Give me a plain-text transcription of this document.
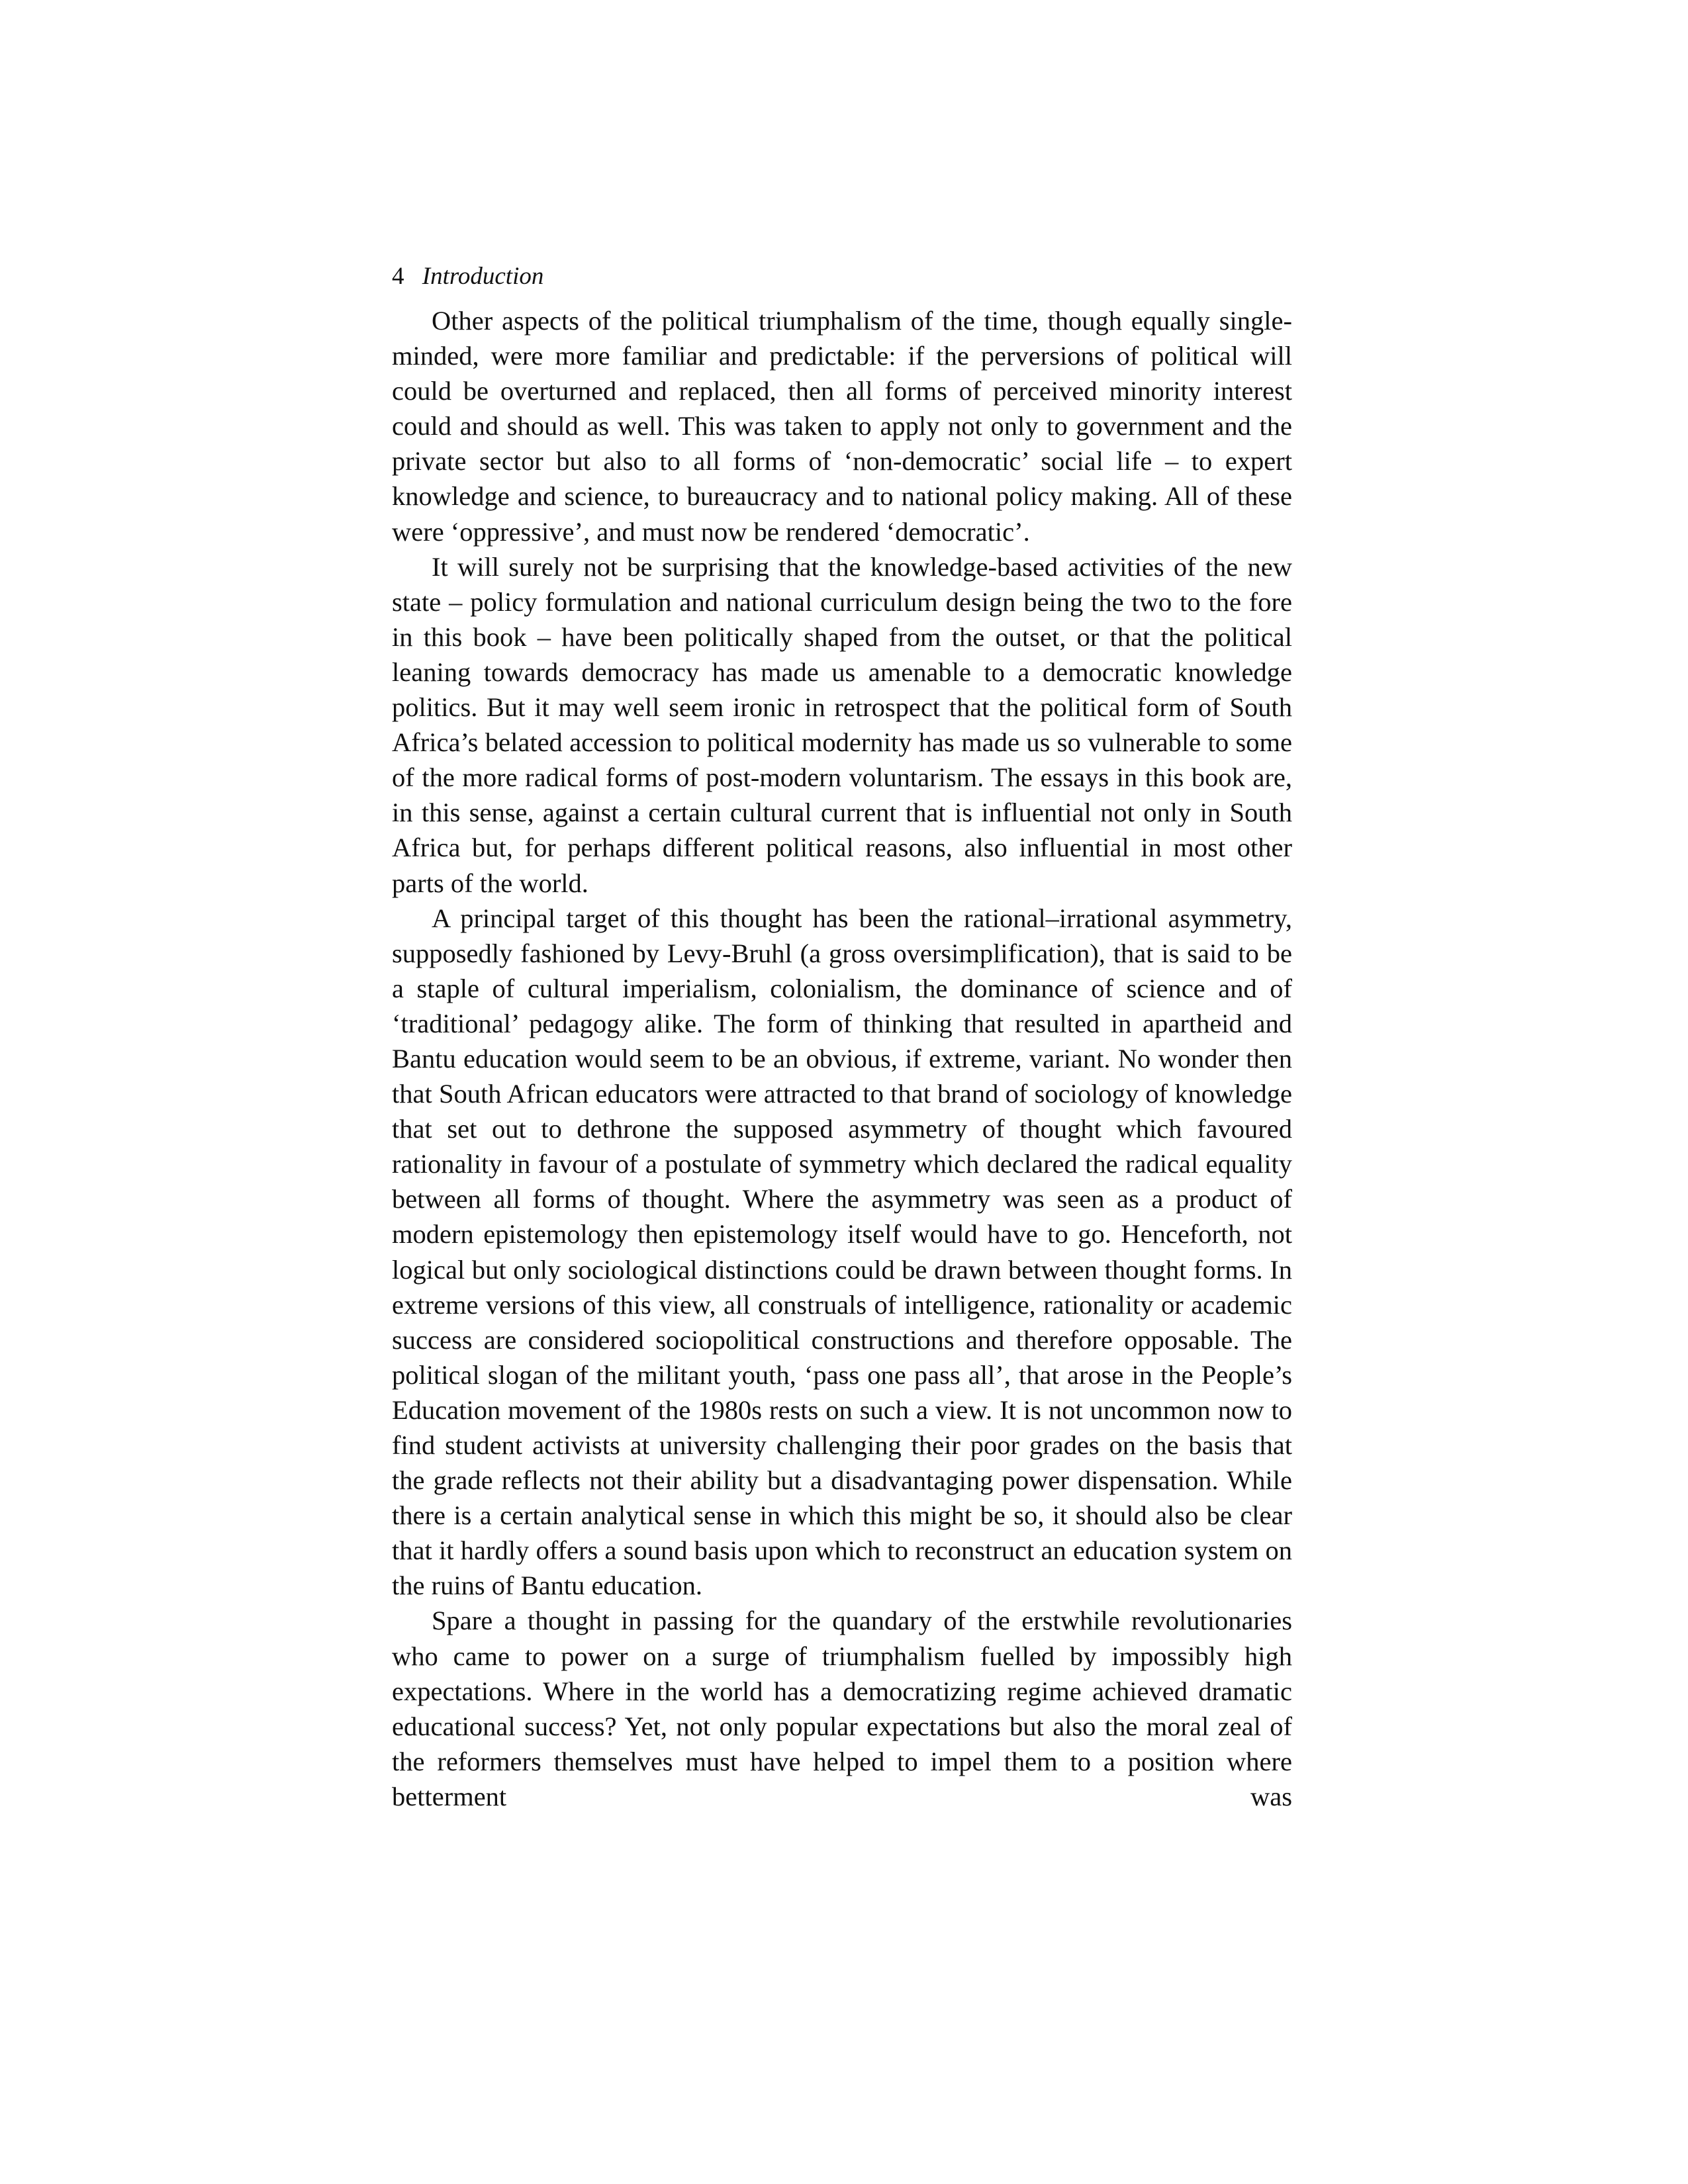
4 Introduction

Other aspects of the political triumphalism of the time, though equally single-minded, were more familiar and predictable: if the perversions of political will could be overturned and replaced, then all forms of perceived minority interest could and should as well. This was taken to apply not only to government and the private sector but also to all forms of ‘non-democratic’ social life – to expert knowledge and science, to bureaucracy and to national policy making. All of these were ‘oppressive’, and must now be rendered ‘democratic’.

It will surely not be surprising that the knowledge-based activities of the new state – policy formulation and national curriculum design being the two to the fore in this book – have been politically shaped from the outset, or that the political leaning towards democracy has made us amenable to a democratic knowledge politics. But it may well seem ironic in retrospect that the political form of South Africa’s belated accession to political modernity has made us so vulnerable to some of the more radical forms of post-modern voluntarism. The essays in this book are, in this sense, against a certain cultural current that is influential not only in South Africa but, for perhaps different political reasons, also influential in most other parts of the world.

A principal target of this thought has been the rational–irrational asymmetry, supposedly fashioned by Levy-Bruhl (a gross oversimplification), that is said to be a staple of cultural imperialism, colonialism, the dominance of science and of ‘traditional’ pedagogy alike. The form of thinking that resulted in apartheid and Bantu education would seem to be an obvious, if extreme, variant. No wonder then that South African educators were attracted to that brand of sociology of knowledge that set out to dethrone the supposed asymmetry of thought which favoured rationality in favour of a postulate of symmetry which declared the radical equality between all forms of thought. Where the asymmetry was seen as a product of modern epistemology then epistemology itself would have to go. Henceforth, not logical but only sociological distinctions could be drawn between thought forms. In extreme versions of this view, all construals of intelligence, rationality or academic success are considered sociopolitical constructions and therefore opposable. The political slogan of the militant youth, ‘pass one pass all’, that arose in the People’s Education movement of the 1980s rests on such a view. It is not uncommon now to find student activists at university challenging their poor grades on the basis that the grade reflects not their ability but a disadvantaging power dispensation. While there is a certain analytical sense in which this might be so, it should also be clear that it hardly offers a sound basis upon which to reconstruct an education system on the ruins of Bantu education.

Spare a thought in passing for the quandary of the erstwhile revolutionaries who came to power on a surge of triumphalism fuelled by impossibly high expectations. Where in the world has a democratizing regime achieved dramatic educational success? Yet, not only popular expectations but also the moral zeal of the reformers themselves must have helped to impel them to a position where betterment was
